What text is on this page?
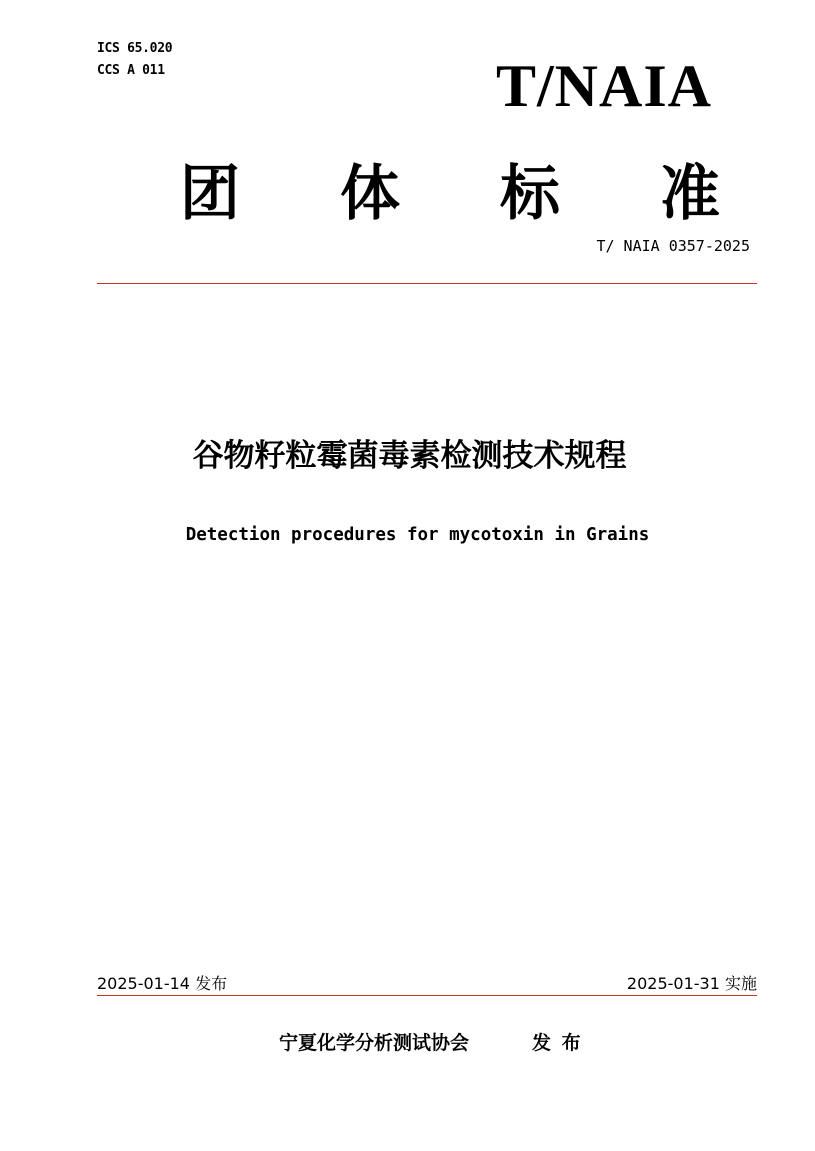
ICS 65.020
CCS A 011	T/NAIA
团 体 标 准
T/ NAIA 0357-2025
谷物籽粒霉菌毒素检测技术规程
Detection procedures for mycotoxin in Grains
2025-01-14 发布	2025-01-31 实施
宁夏化学分析测试协会	发 布
